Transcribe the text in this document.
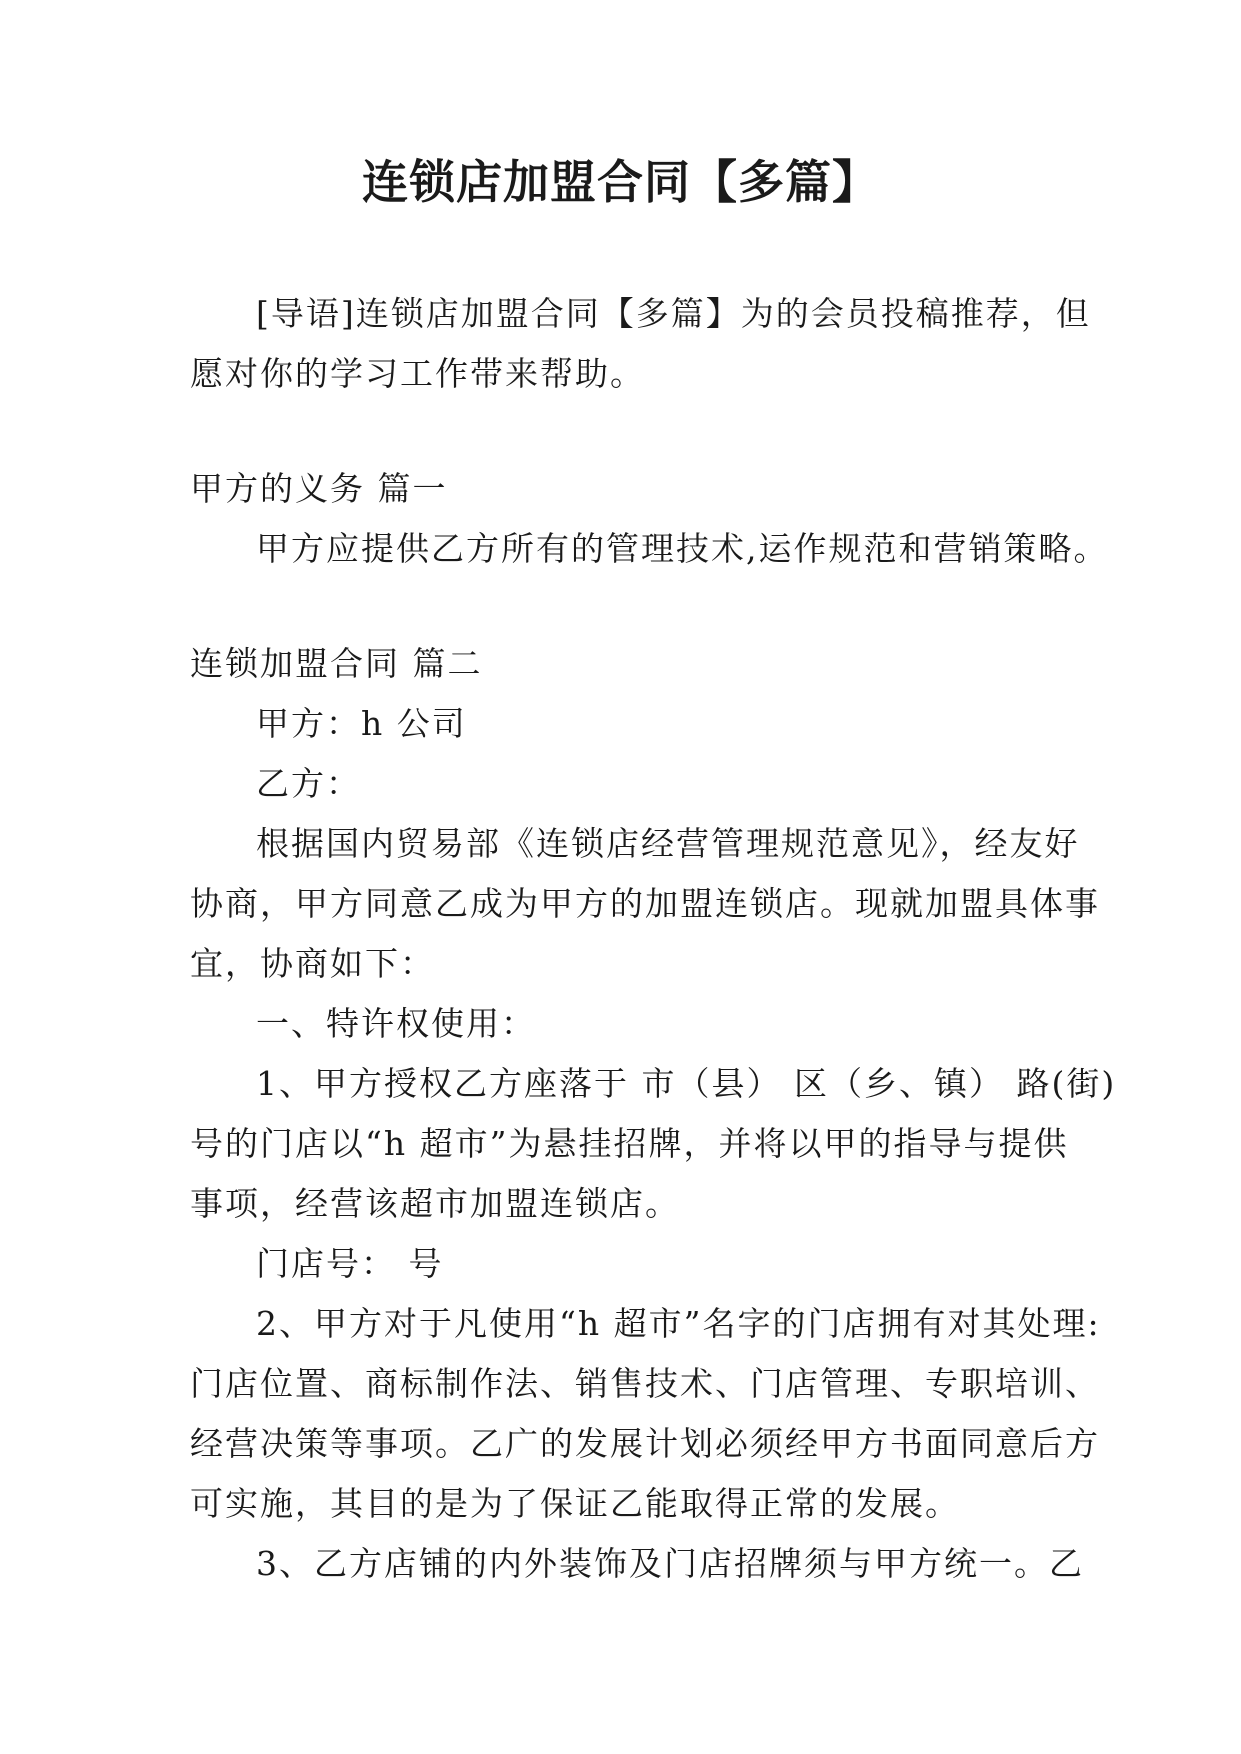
连锁店加盟合同【多篇】
[导语]连锁店加盟合同【多篇】为的会员投稿推荐，但
愿对你的学习工作带来帮助。
甲方的义务 篇一
甲方应提供乙方所有的管理技术,运作规范和营销策略。
连锁加盟合同 篇二
甲方：h 公司
乙方：
根据国内贸易部《连锁店经营管理规范意见》，经友好
协商，甲方同意乙成为甲方的加盟连锁店。现就加盟具体事
宜，协商如下：
一、特许权使用：
1、甲方授权乙方座落于 市（县） 区（乡、镇） 路(街)
号的门店以“h 超市”为悬挂招牌，并将以甲的指导与提供
事项，经营该超市加盟连锁店。
门店号： 号
2、甲方对于凡使用“h 超市”名字的门店拥有对其处理:
门店位置、商标制作法、销售技术、门店管理、专职培训、
经营决策等事项。乙广的发展计划必须经甲方书面同意后方
可实施，其目的是为了保证乙能取得正常的发展。
3、乙方店铺的内外装饰及门店招牌须与甲方统一。乙
